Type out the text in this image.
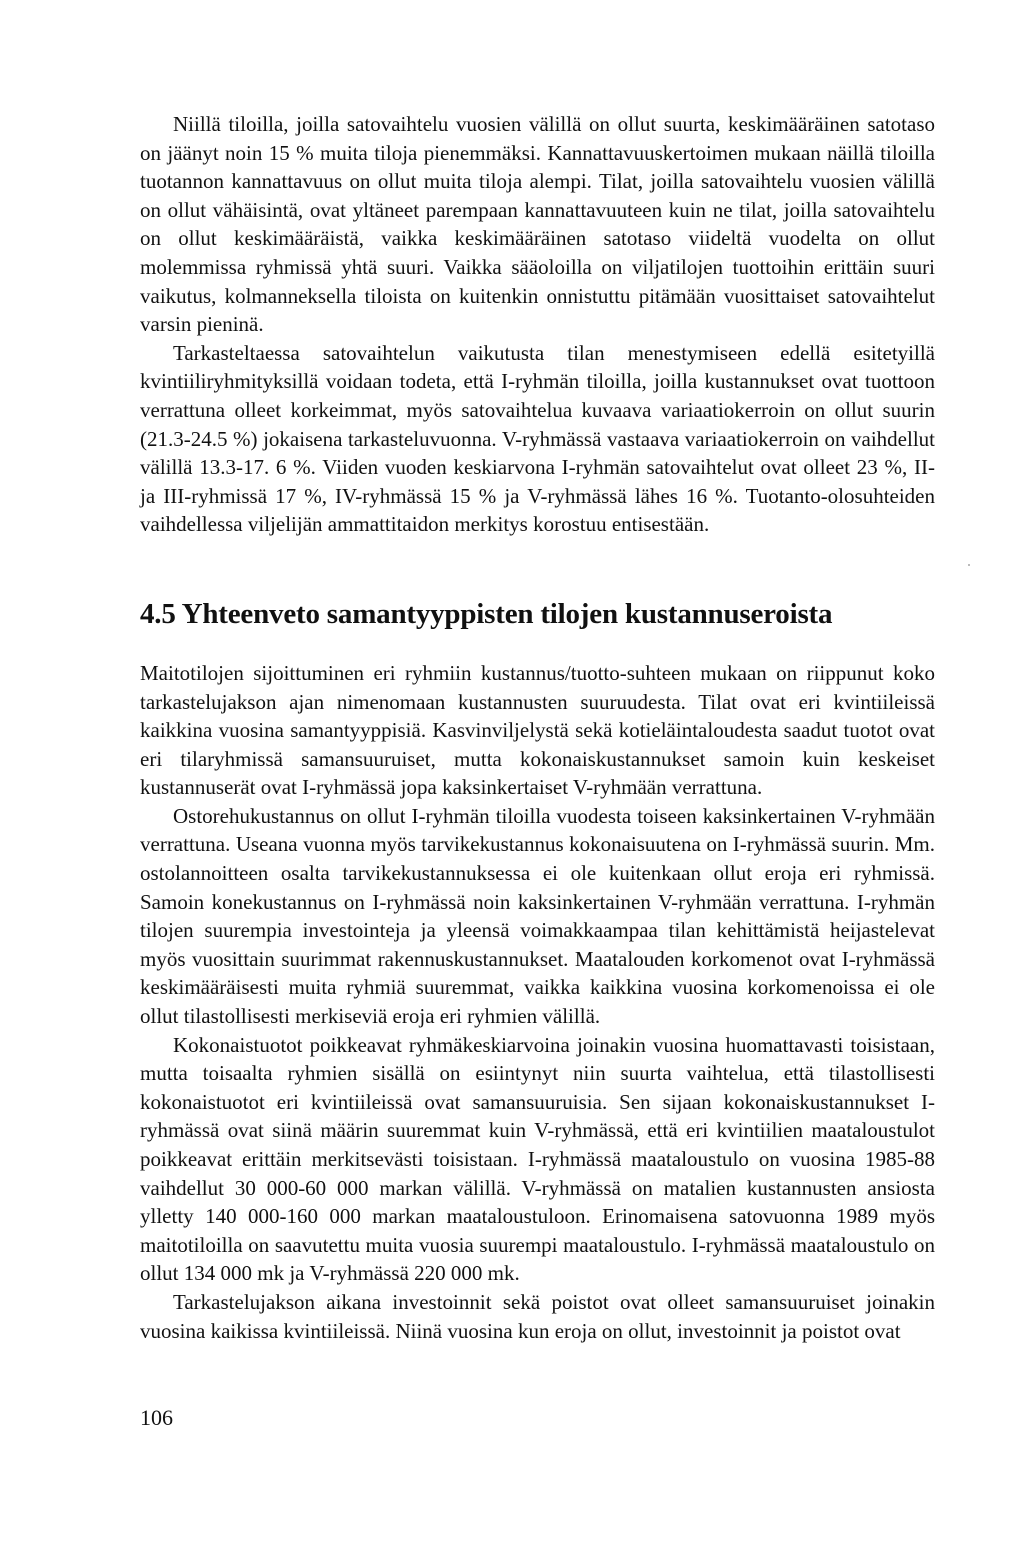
Niillä tiloilla, joilla satovaihtelu vuosien välillä on ollut suurta, keskimääräinen satotaso on jäänyt noin 15 % muita tiloja pienemmäksi. Kannattavuuskertoimen mukaan näillä tiloilla tuotannon kannattavuus on ollut muita tiloja alempi. Tilat, joilla satovaihtelu vuosien välillä on ollut vähäisintä, ovat yltäneet parempaan kannattavuuteen kuin ne tilat, joilla satovaihtelu on ollut keskimääräistä, vaikka keskimääräinen satotaso viideltä vuodelta on ollut molemmissa ryhmissä yhtä suuri. Vaikka sääoloilla on viljatilojen tuottoihin erittäin suuri vaikutus, kolmanneksella tiloista on kuitenkin onnistuttu pitämään vuosittaiset satovaihtelut varsin pieninä.

Tarkasteltaessa satovaihtelun vaikutusta tilan menestymiseen edellä esitetyillä kvintiiliryhmityksillä voidaan todeta, että I-ryhmän tiloilla, joilla kustannukset ovat tuottoon verrattuna olleet korkeimmat, myös satovaihtelua kuvaava variaatiokerroin on ollut suurin (21.3-24.5 %) jokaisena tarkasteluvuonna. V-ryhmässä vastaava variaatiokerroin on vaihdellut välillä 13.3-17. 6 %. Viiden vuoden keskiarvona I-ryhmän satovaihtelut ovat olleet 23 %, II- ja III-ryhmissä 17 %, IV-ryhmässä 15 % ja V-ryhmässä lähes 16 %. Tuotanto-olosuhteiden vaihdellessa viljelijän ammattitaidon merkitys korostuu entisestään.

4.5 Yhteenveto samantyyppisten tilojen kustannuseroista

Maitotilojen sijoittuminen eri ryhmiin kustannus/tuotto-suhteen mukaan on riippunut koko tarkastelujakson ajan nimenomaan kustannusten suuruudesta. Tilat ovat eri kvintiileissä kaikkina vuosina samantyyppisiä. Kasvinviljelystä sekä kotieläintaloudesta saadut tuotot ovat eri tilaryhmissä samansuuruiset, mutta kokonaiskustannukset samoin kuin keskeiset kustannuserät ovat I-ryhmässä jopa kaksinkertaiset V-ryhmään verrattuna.

Ostorehukustannus on ollut I-ryhmän tiloilla vuodesta toiseen kaksinkertainen V-ryhmään verrattuna. Useana vuonna myös tarvikekustannus kokonaisuutena on I-ryhmässä suurin. Mm. ostolannoitteen osalta tarvikekustannuksessa ei ole kuitenkaan ollut eroja eri ryhmissä. Samoin konekustannus on I-ryhmässä noin kaksinkertainen V-ryhmään verrattuna. I-ryhmän tilojen suurempia investointeja ja yleensä voimakkaampaa tilan kehittämistä heijastelevat myös vuosittain suurimmat rakennuskustannukset. Maatalouden korkomenot ovat I-ryhmässä keskimääräisesti muita ryhmiä suuremmat, vaikka kaikkina vuosina korkomenoissa ei ole ollut tilastollisesti merkiseviä eroja eri ryhmien välillä.

Kokonaistuotot poikkeavat ryhmäkeskiarvoina joinakin vuosina huomattavasti toisistaan, mutta toisaalta ryhmien sisällä on esiintynyt niin suurta vaihtelua, että tilastollisesti kokonaistuotot eri kvintiileissä ovat samansuuruisia. Sen sijaan kokonaiskustannukset I-ryhmässä ovat siinä määrin suuremmat kuin V-ryhmässä, että eri kvintiilien maataloustulot poikkeavat erittäin merkitsevästi toisistaan. I-ryhmässä maataloustulo on vuosina 1985-88 vaihdellut 30 000-60 000 markan välillä. V-ryhmässä on matalien kustannusten ansiosta ylletty 140 000-160 000 markan maataloustuloon. Erinomaisena satovuonna 1989 myös maitotiloilla on saavutettu muita vuosia suurempi maataloustulo. I-ryhmässä maataloustulo on ollut 134 000 mk ja V-ryhmässä 220 000 mk.

Tarkastelujakson aikana investoinnit sekä poistot ovat olleet samansuuruiset joinakin vuosina kaikissa kvintiileissä. Niinä vuosina kun eroja on ollut, investoinnit ja poistot ovat

106
